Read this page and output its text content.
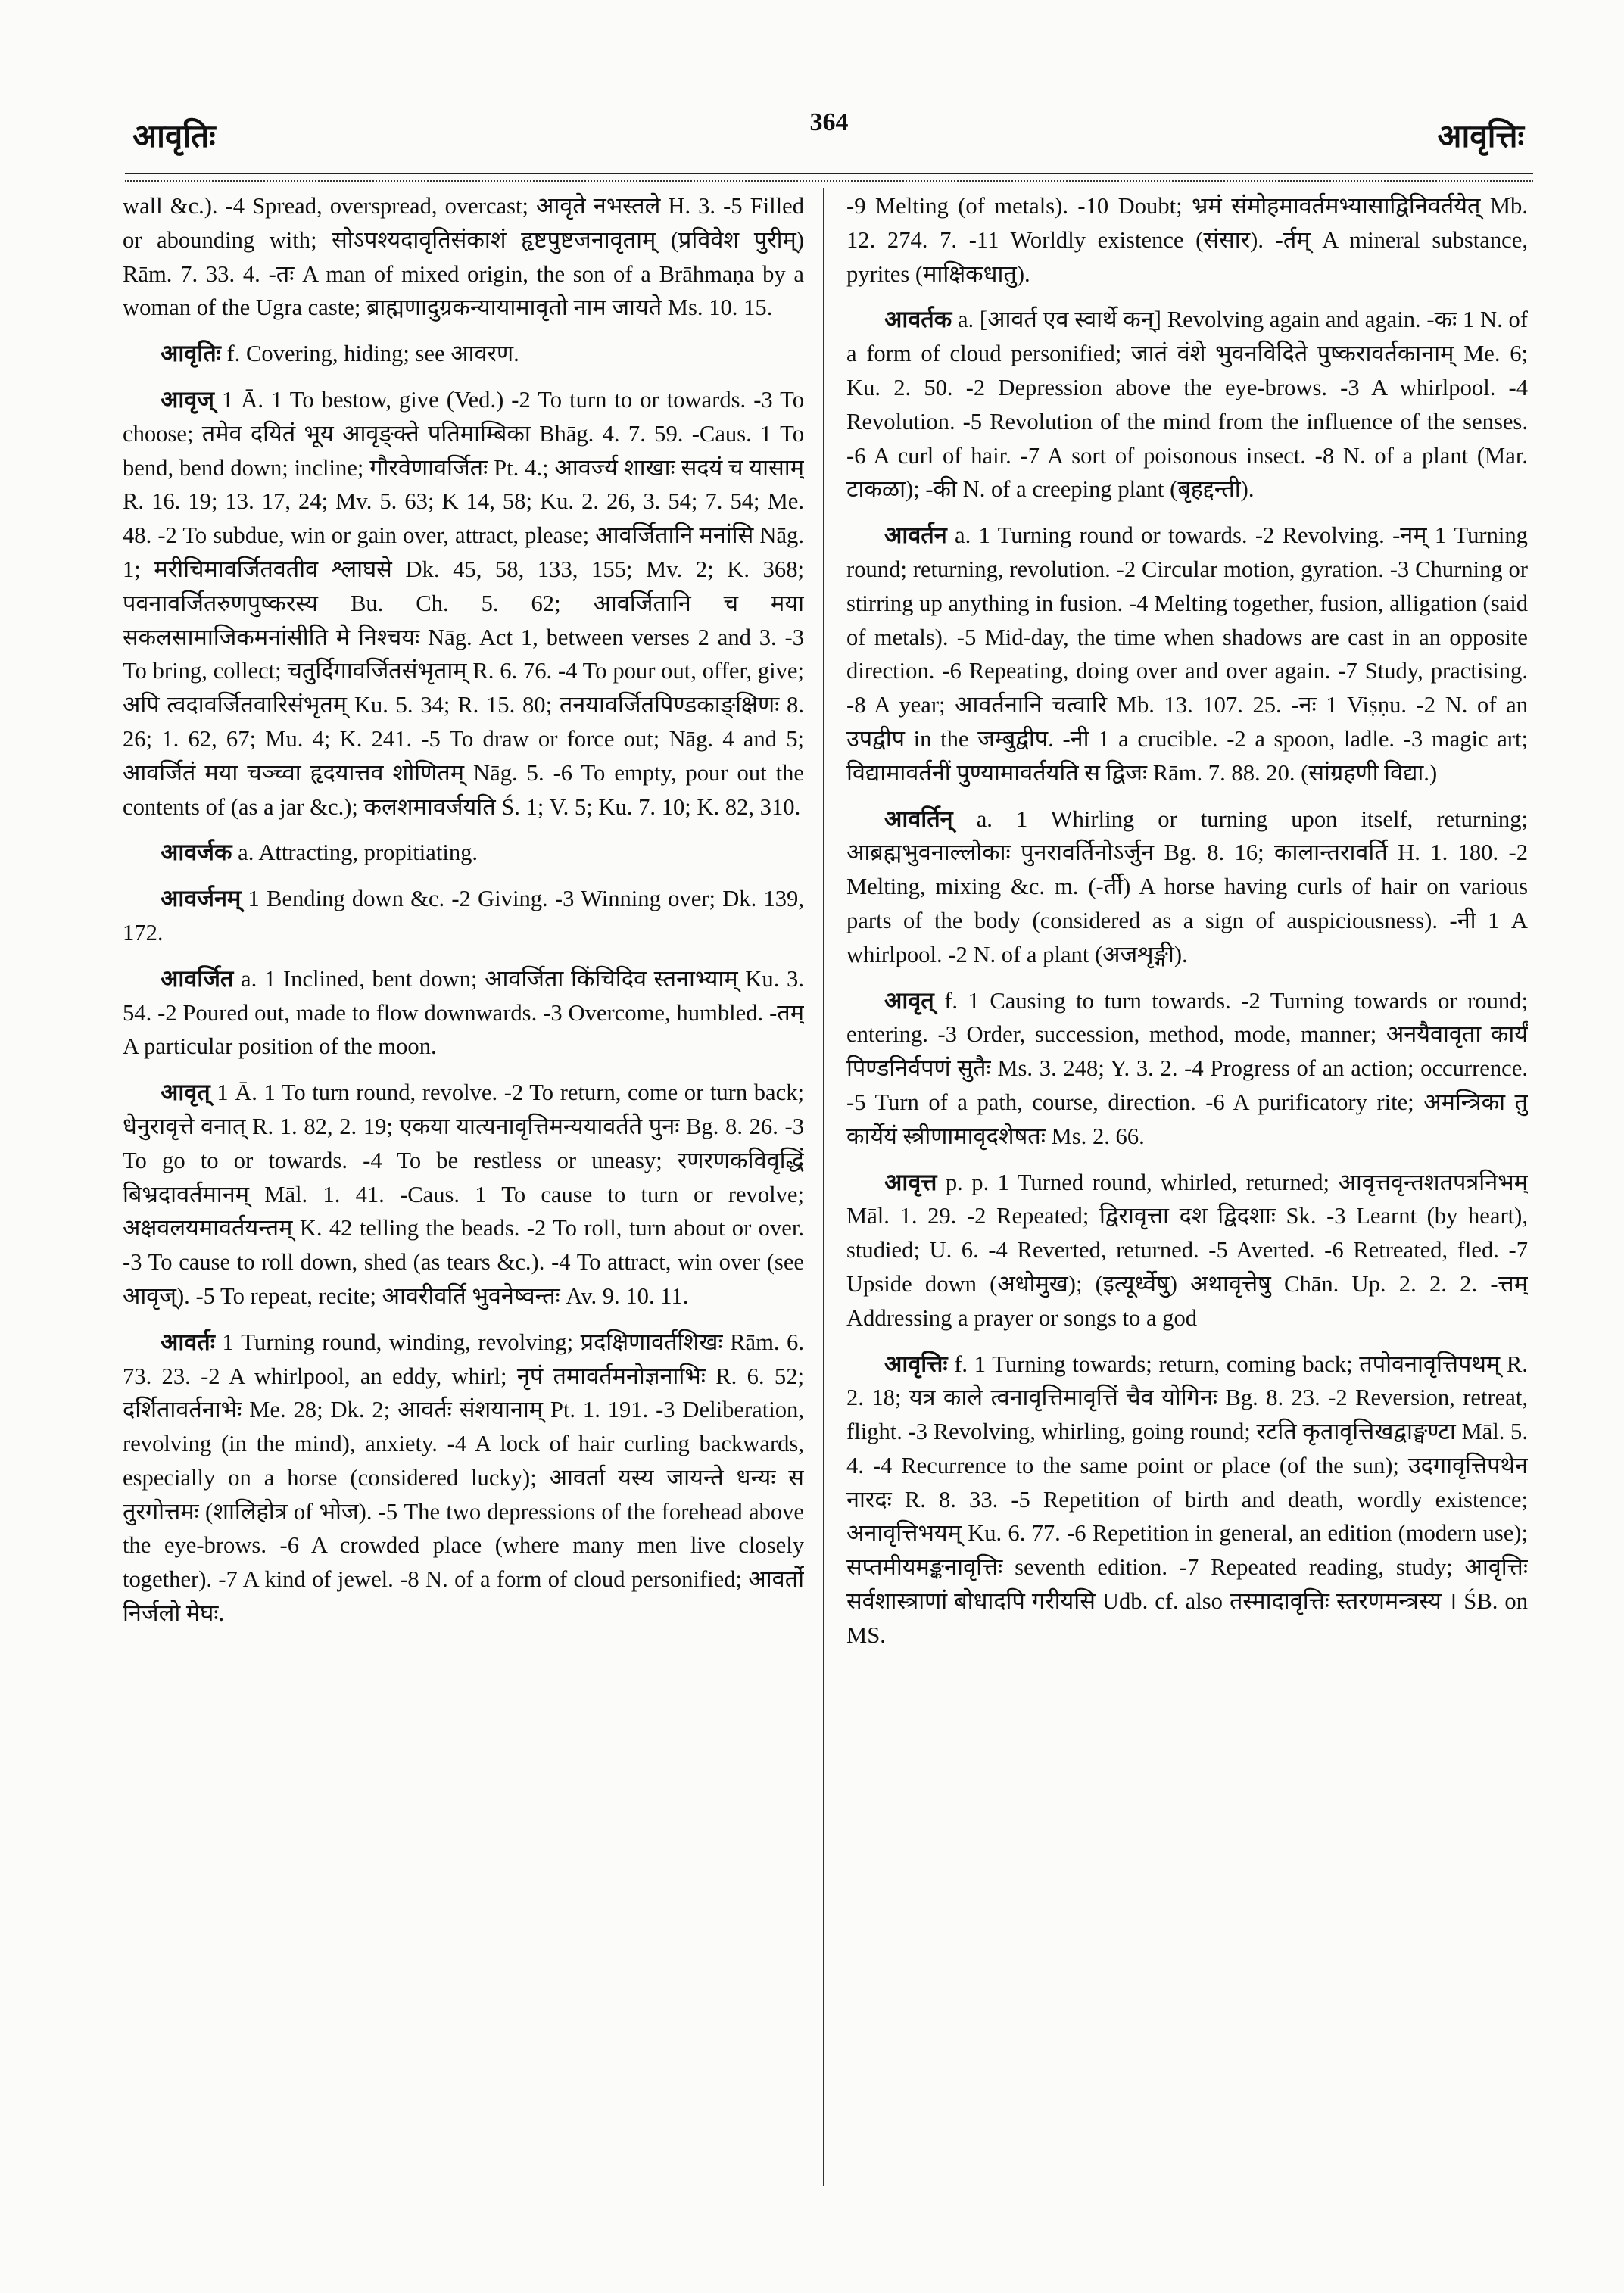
आवृतिः	364	आवृत्तिः

wall &c.). -4 Spread, overspread, overcast; आवृते नभस्तले H. 3. -5 Filled or abounding with; सोऽपश्यदावृतिसंकाशं हृष्टपुष्टजनावृताम् (प्रविवेश पुरीम्) Rām. 7. 33. 4. -तः A man of mixed origin, the son of a Brāhmaṇa by a woman of the Ugra caste; ब्राह्मणादुग्रकन्यायामावृतो नाम जायते Ms. 10. 15.

आवृतिः f. Covering, hiding; see आवरण.

आवृज् 1 Ā. 1 To bestow, give (Ved.) -2 To turn to or towards. -3 To choose; तमेव दयितं भूय आवृङ्क्ते पतिमाम्बिका Bhāg. 4. 7. 59. -Caus. 1 To bend, bend down; incline; गौरवेणावर्जितः Pt. 4.; आवर्ज्य शाखाः सदयं च यासाम् R. 16. 19; 13. 17, 24; Mv. 5. 63; K 14, 58; Ku. 2. 26, 3. 54; 7. 54; Me. 48. -2 To subdue, win or gain over, attract, please; आवर्जितानि मनांसि Nāg. 1; मरीचिमावर्जितवतीव श्लाघसे Dk. 45, 58, 133, 155; Mv. 2; K. 368; पवनावर्जितरुणपुष्करस्य Bu. Ch. 5. 62; आवर्जितानि च मया सकलसामाजिकमनांसीति मे निश्चयः Nāg. Act 1, between verses 2 and 3. -3 To bring, collect; चतुर्दिगावर्जितसंभृताम् R. 6. 76. -4 To pour out, offer, give; अपि त्वदावर्जितवारिसंभृतम् Ku. 5. 34; R. 15. 80; तनयावर्जितपिण्डकाङ्क्षिणः 8. 26; 1. 62, 67; Mu. 4; K. 241. -5 To draw or force out; Nāg. 4 and 5; आवर्जितं मया चञ्च्वा हृदयात्तव शोणितम् Nāg. 5. -6 To empty, pour out the contents of (as a jar &c.); कलशमावर्जयति Ś. 1; V. 5; Ku. 7. 10; K. 82, 310.

आवर्जक a. Attracting, propitiating.

आवर्जनम् 1 Bending down &c. -2 Giving. -3 Winning over; Dk. 139, 172.

आवर्जित a. 1 Inclined, bent down; आवर्जिता किंचिदिव स्तनाभ्याम् Ku. 3. 54. -2 Poured out, made to flow downwards. -3 Overcome, humbled. -तम् A particular position of the moon.

आवृत् 1 Ā. 1 To turn round, revolve. -2 To return, come or turn back; धेनुरावृत्ते वनात् R. 1. 82, 2. 19; एकया यात्यनावृत्तिमन्ययावर्तते पुनः Bg. 8. 26. -3 To go to or towards. -4 To be restless or uneasy; रणरणकविवृद्धिं बिभ्रदावर्तमानम् Māl. 1. 41. -Caus. 1 To cause to turn or revolve; अक्षवलयमावर्तयन्तम् K. 42 telling the beads. -2 To roll, turn about or over. -3 To cause to roll down, shed (as tears &c.). -4 To attract, win over (see आवृज्). -5 To repeat, recite; आवरीवर्ति भुवनेष्वन्तः Av. 9. 10. 11.

आवर्तः 1 Turning round, winding, revolving; प्रदक्षिणावर्तशिखः Rām. 6. 73. 23. -2 A whirlpool, an eddy, whirl; नृपं तमावर्तमनोज्ञनाभिः R. 6. 52; दर्शितावर्तनाभेः Me. 28; Dk. 2; आवर्तः संशयानाम् Pt. 1. 191. -3 Deliberation, revolving (in the mind), anxiety. -4 A lock of hair curling backwards, especially on a horse (considered lucky); आवर्ता यस्य जायन्ते धन्यः स तुरगोत्तमः (शालिहोत्र of भोज). -5 The two depressions of the forehead above the eye-brows. -6 A crowded place (where many men live closely together). -7 A kind of jewel. -8 N. of a form of cloud personified; आवर्तो निर्जलो मेघः.

-9 Melting (of metals). -10 Doubt; भ्रमं संमोहमावर्तमभ्यासाद्विनिवर्तयेत् Mb. 12. 274. 7. -11 Worldly existence (संसार). -र्तम् A mineral substance, pyrites (माक्षिकधातु).

आवर्तक a. [आवर्त एव स्वार्थे कन्] Revolving again and again. -कः 1 N. of a form of cloud personified; जातं वंशे भुवनविदिते पुष्करावर्तकानाम् Me. 6; Ku. 2. 50. -2 Depression above the eye-brows. -3 A whirlpool. -4 Revolution. -5 Revolution of the mind from the influence of the senses. -6 A curl of hair. -7 A sort of poisonous insect. -8 N. of a plant (Mar. टाकळा); -की N. of a creeping plant (बृहद्दन्ती).

आवर्तन a. 1 Turning round or towards. -2 Revolving. -नम् 1 Turning round; returning, revolution. -2 Circular motion, gyration. -3 Churning or stirring up anything in fusion. -4 Melting together, fusion, alligation (said of metals). -5 Mid-day, the time when shadows are cast in an opposite direction. -6 Repeating, doing over and over again. -7 Study, practising. -8 A year; आवर्तनानि चत्वारि Mb. 13. 107. 25. -नः 1 Viṣṇu. -2 N. of an उपद्वीप in the जम्बुद्वीप. -नी 1 a crucible. -2 a spoon, ladle. -3 magic art; विद्यामावर्तनीं पुण्यामावर्तयति स द्विजः Rām. 7. 88. 20. (सांग्रहणी विद्या.)

आवर्तिन् a. 1 Whirling or turning upon itself, returning; आब्रह्मभुवनाल्लोकाः पुनरावर्तिनोऽर्जुन Bg. 8. 16; कालान्तरावर्ति H. 1. 180. -2 Melting, mixing &c. m. (-र्ती) A horse having curls of hair on various parts of the body (considered as a sign of auspiciousness). -नी 1 A whirlpool. -2 N. of a plant (अजशृङ्गी).

आवृत् f. 1 Causing to turn towards. -2 Turning towards or round; entering. -3 Order, succession, method, mode, manner; अनयैवावृता कार्यं पिण्डनिर्वपणं सुतैः Ms. 3. 248; Y. 3. 2. -4 Progress of an action; occurrence. -5 Turn of a path, course, direction. -6 A purificatory rite; अमन्त्रिका तु कार्येयं स्त्रीणामावृदशेषतः Ms. 2. 66.

आवृत्त p. p. 1 Turned round, whirled, returned; आवृत्तवृन्तशतपत्रनिभम् Māl. 1. 29. -2 Repeated; द्विरावृत्ता दश द्विदशाः Sk. -3 Learnt (by heart), studied; U. 6. -4 Reverted, returned. -5 Averted. -6 Retreated, fled. -7 Upside down (अधोमुख); (इत्यूर्ध्वेषु) अथावृत्तेषु Chān. Up. 2. 2. 2. -त्तम् Addressing a prayer or songs to a god

आवृत्तिः f. 1 Turning towards; return, coming back; तपोवनावृत्तिपथम् R. 2. 18; यत्र काले त्वनावृत्तिमावृत्तिं चैव योगिनः Bg. 8. 23. -2 Reversion, retreat, flight. -3 Revolving, whirling, going round; रटति कृतावृत्तिखद्वाङ्घण्टा Māl. 5. 4. -4 Recurrence to the same point or place (of the sun); उदगावृत्तिपथेन नारदः R. 8. 33. -5 Repetition of birth and death, wordly existence; अनावृत्तिभयम् Ku. 6. 77. -6 Repetition in general, an edition (modern use); सप्तमीयमङ्कनावृत्तिः seventh edition. -7 Repeated reading, study; आवृत्तिः सर्वशास्त्राणां बोधादपि गरीयसि Udb. cf. also तस्मादावृत्तिः स्तरणमन्त्रस्य । ŚB. on MS.
